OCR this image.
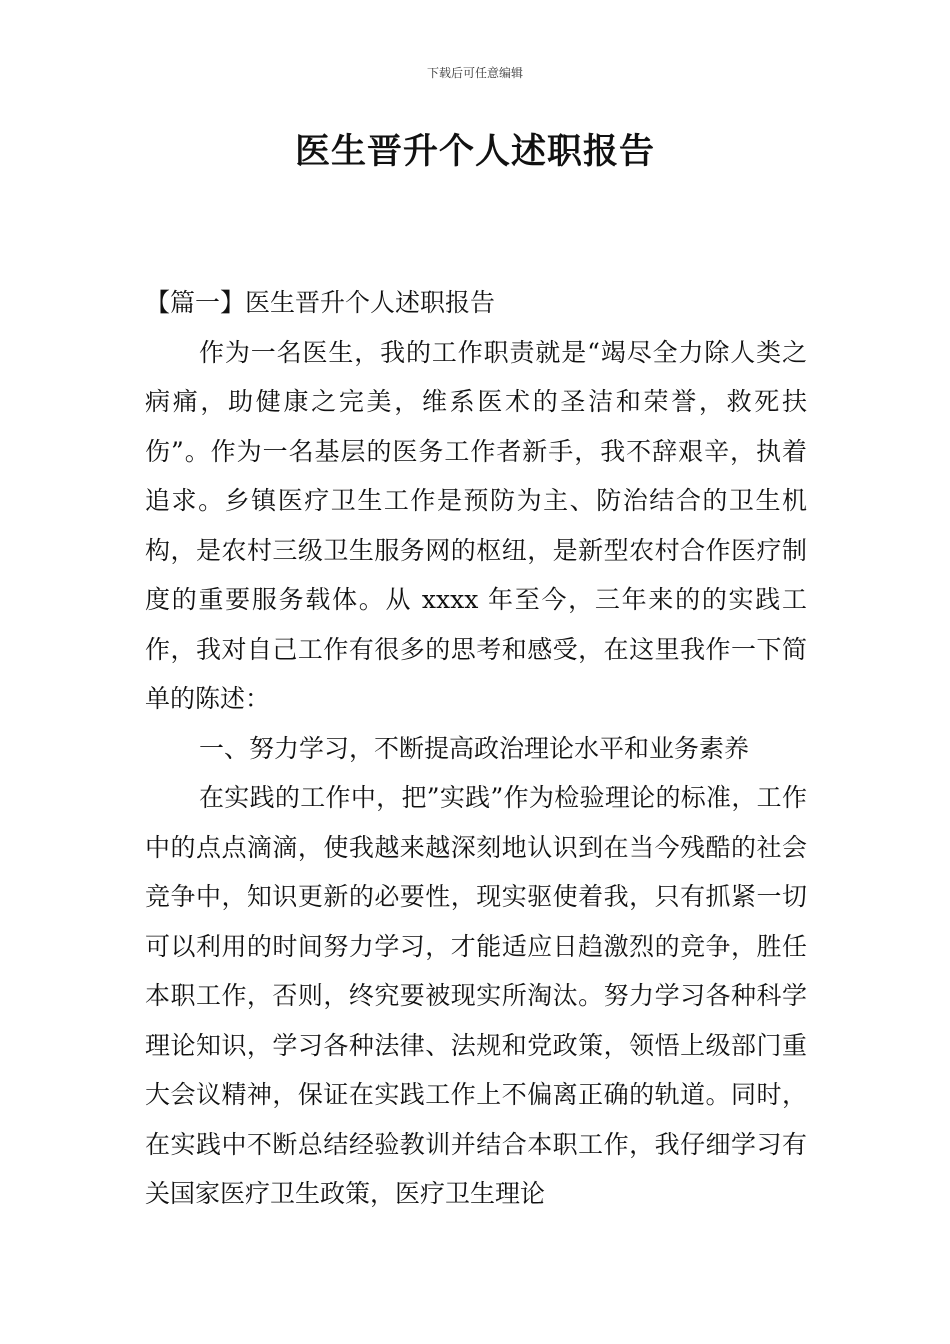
下载后可任意编辑
医生晋升个人述职报告

【篇一】医生晋升个人述职报告

作为一名医生，我的工作职责就是“竭尽全力除人类之病痛，助健康之完美，维系医术的圣洁和荣誉，救死扶伤”。作为一名基层的医务工作者新手，我不辞艰辛，执着追求。乡镇医疗卫生工作是预防为主、防治结合的卫生机构，是农村三级卫生服务网的枢纽，是新型农村合作医疗制度的重要服务载体。从 xxxx 年至今，三年来的的实践工作，我对自己工作有很多的思考和感受，在这里我作一下简单的陈述：

一、努力学习，不断提高政治理论水平和业务素养

在实践的工作中，把”实践”作为检验理论的标准，工作中的点点滴滴，使我越来越深刻地认识到在当今残酷的社会竞争中，知识更新的必要性，现实驱使着我，只有抓紧一切可以利用的时间努力学习，才能适应日趋激烈的竞争，胜任本职工作，否则，终究要被现实所淘汰。努力学习各种科学理论知识，学习各种法律、法规和党政策，领悟上级部门重大会议精神，保证在实践工作上不偏离正确的轨道。同时，在实践中不断总结经验教训并结合本职工作，我仔细学习有关国家医疗卫生政策，医疗卫生理论
